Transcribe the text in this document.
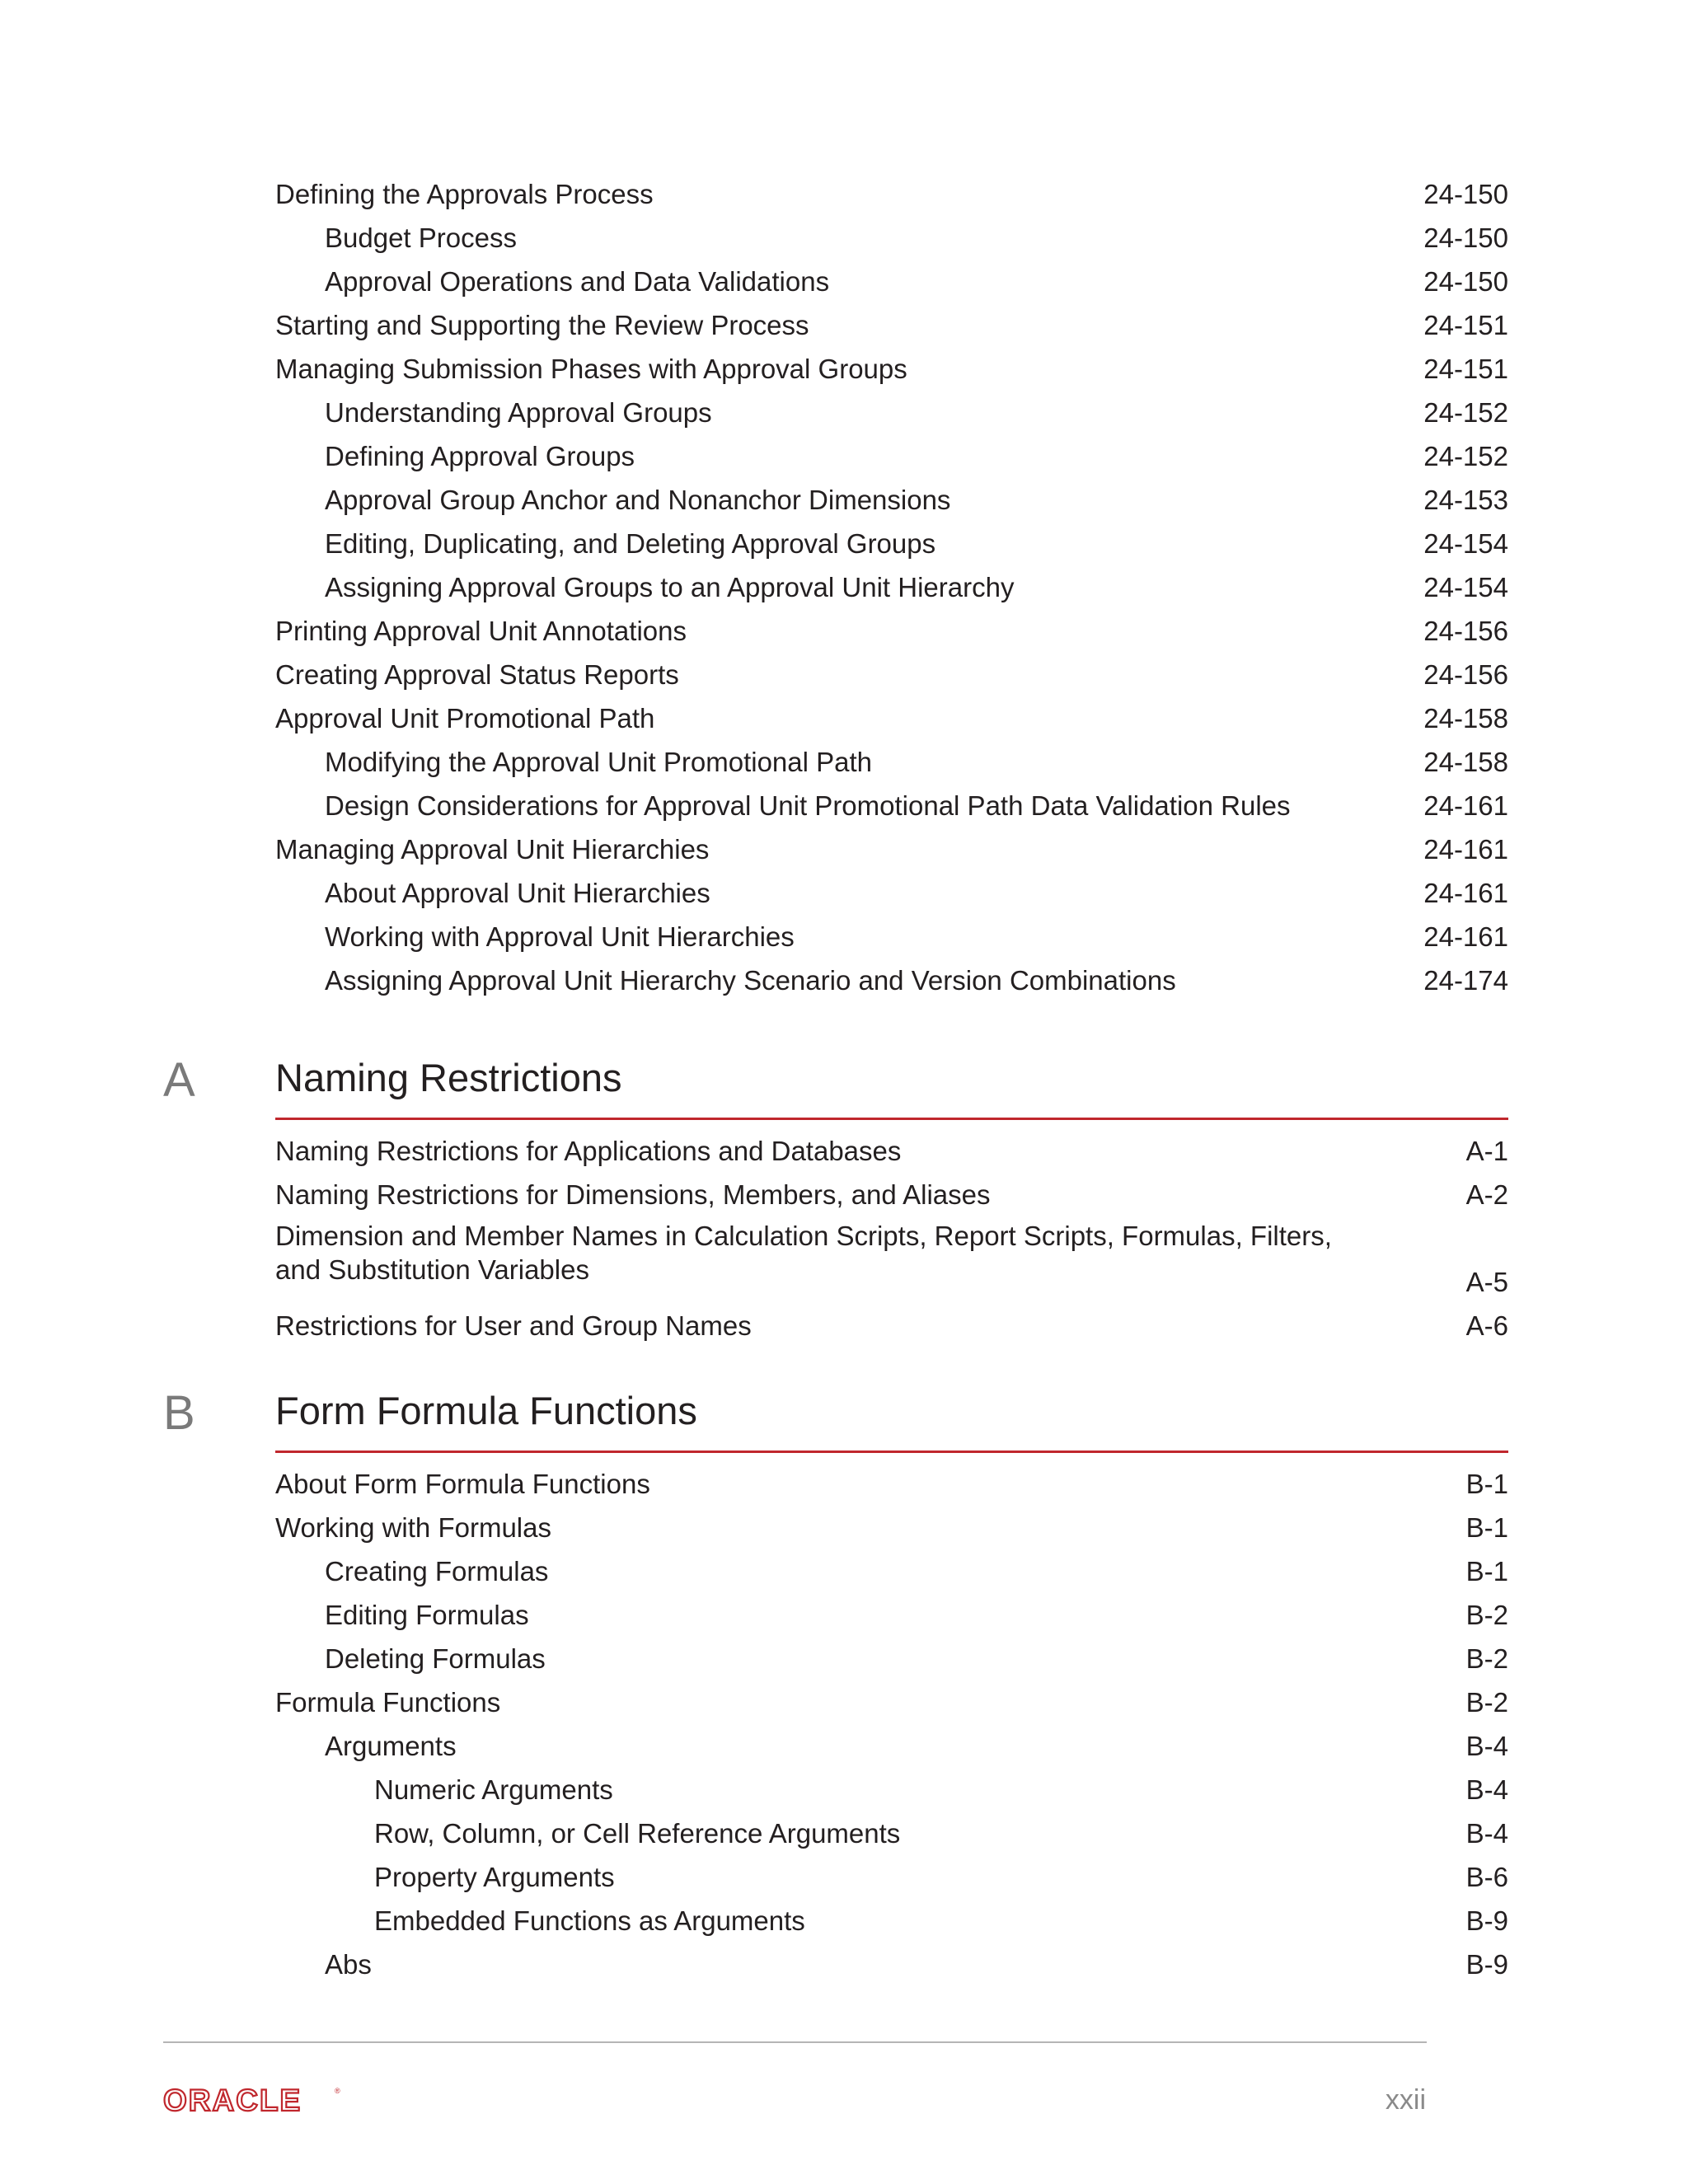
Defining the Approvals Process	24-150
Budget Process	24-150
Approval Operations and Data Validations	24-150
Starting and Supporting the Review Process	24-151
Managing Submission Phases with Approval Groups	24-151
Understanding Approval Groups	24-152
Defining Approval Groups	24-152
Approval Group Anchor and Nonanchor Dimensions	24-153
Editing, Duplicating, and Deleting Approval Groups	24-154
Assigning Approval Groups to an Approval Unit Hierarchy	24-154
Printing Approval Unit Annotations	24-156
Creating Approval Status Reports	24-156
Approval Unit Promotional Path	24-158
Modifying the Approval Unit Promotional Path	24-158
Design Considerations for Approval Unit Promotional Path Data Validation Rules	24-161
Managing Approval Unit Hierarchies	24-161
About Approval Unit Hierarchies	24-161
Working with Approval Unit Hierarchies	24-161
Assigning Approval Unit Hierarchy Scenario and Version Combinations	24-174
A Naming Restrictions
Naming Restrictions for Applications and Databases	A-1
Naming Restrictions for Dimensions, Members, and Aliases	A-2
Dimension and Member Names in Calculation Scripts, Report Scripts, Formulas, Filters, and Substitution Variables	A-5
Restrictions for User and Group Names	A-6
B Form Formula Functions
About Form Formula Functions	B-1
Working with Formulas	B-1
Creating Formulas	B-1
Editing Formulas	B-2
Deleting Formulas	B-2
Formula Functions	B-2
Arguments	B-4
Numeric Arguments	B-4
Row, Column, or Cell Reference Arguments	B-4
Property Arguments	B-6
Embedded Functions as Arguments	B-9
Abs	B-9
ORACLE	®	xxii
